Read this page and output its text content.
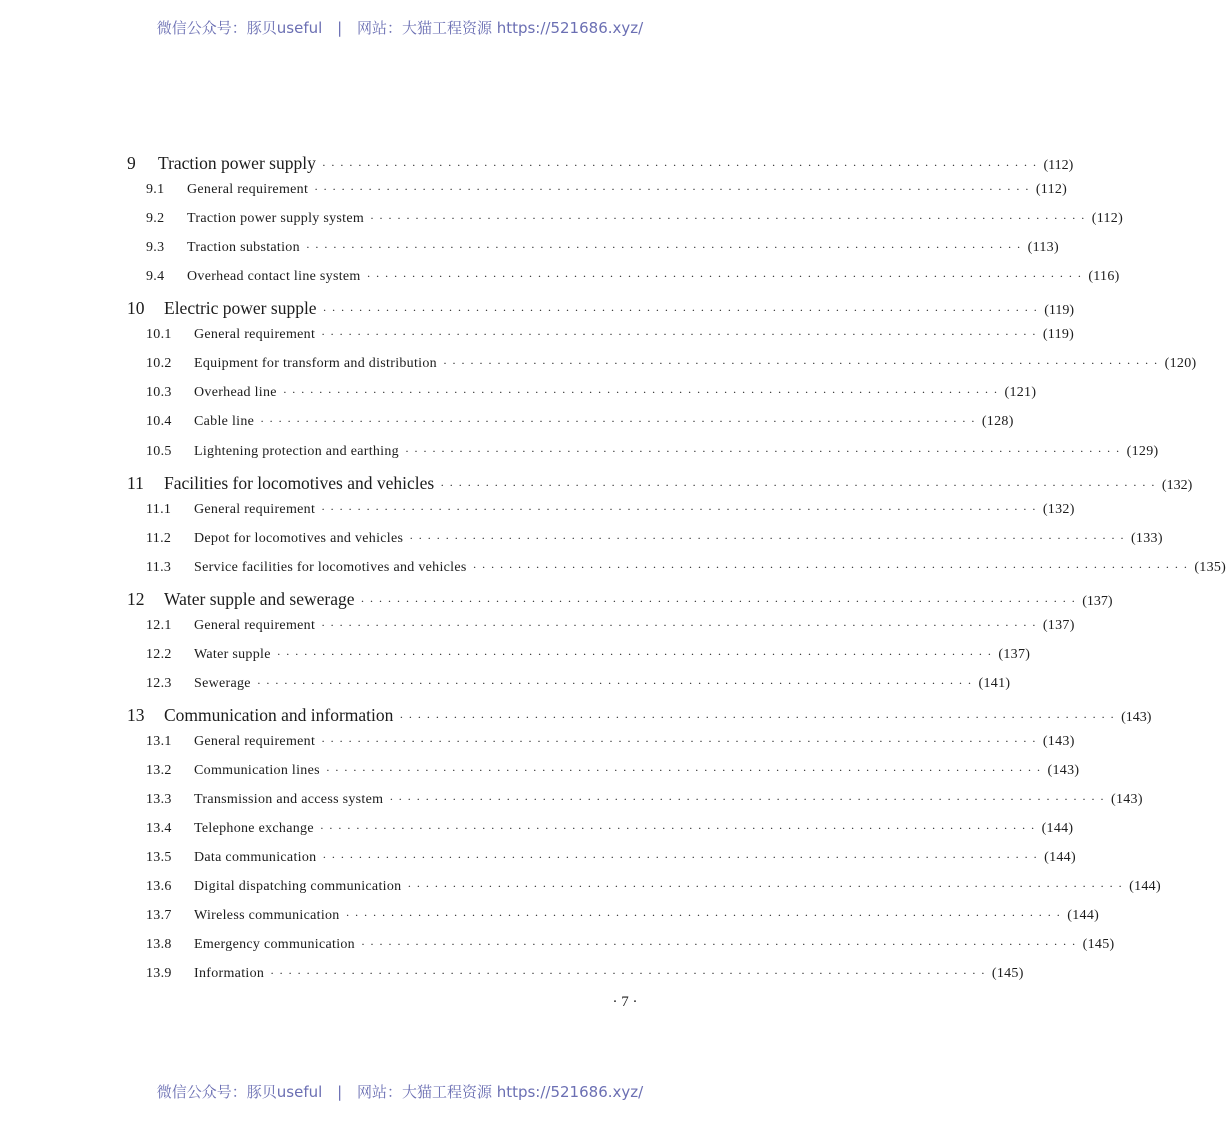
微信公众号：豚贝useful | 网站：大猫工程资源 https://521686.xyz/
9 Traction power supply · · · · · · · · · · · · · · · · · · · · · · · · · · · · · · · · · · · · · · · · · · · · · · · · · · · · · · · · · · · · · · · · · · · · · · · · · · · · · · · · (112)
9.1 General requirement · · · · · · · · · · · · · · · · · · · · · · · · · · · · · · · · · · · · · · · · · · · · · · · · · · · · · · · · · · · · · · · · · · · · · · · · · · · · · · · · (112)
9.2 Traction power supply system · · · · · · · · · · · · · · · · · · · · · · · · · · · · · · · · · · · · · · · · · · · · · · · · · · · · · · · · · · · · · · · · · · · · · · · · · · · · · · · · (112)
9.3 Traction substation · · · · · · · · · · · · · · · · · · · · · · · · · · · · · · · · · · · · · · · · · · · · · · · · · · · · · · · · · · · · · · · · · · · · · · · · · · · · · · · · (113)
9.4 Overhead contact line system · · · · · · · · · · · · · · · · · · · · · · · · · · · · · · · · · · · · · · · · · · · · · · · · · · · · · · · · · · · · · · · · · · · · · · · · · · · · · · · · (116)
10 Electric power supple · · · · · · · · · · · · · · · · · · · · · · · · · · · · · · · · · · · · · · · · · · · · · · · · · · · · · · · · · · · · · · · · · · · · · · · · · · · · · · · · (119)
10.1 General requirement · · · · · · · · · · · · · · · · · · · · · · · · · · · · · · · · · · · · · · · · · · · · · · · · · · · · · · · · · · · · · · · · · · · · · · · · · · · · · · · · (119)
10.2 Equipment for transform and distribution · · · · · · · · · · · · · · · · · · · · · · · · · · · · · · · · · · · · · · · · · · · · · · · · · · · · · · · · · · · · · · · · · · · · · · · · · · · · · · · · (120)
10.3 Overhead line · · · · · · · · · · · · · · · · · · · · · · · · · · · · · · · · · · · · · · · · · · · · · · · · · · · · · · · · · · · · · · · · · · · · · · · · · · · · · · · · (121)
10.4 Cable line · · · · · · · · · · · · · · · · · · · · · · · · · · · · · · · · · · · · · · · · · · · · · · · · · · · · · · · · · · · · · · · · · · · · · · · · · · · · · · · · (128)
10.5 Lightening protection and earthing · · · · · · · · · · · · · · · · · · · · · · · · · · · · · · · · · · · · · · · · · · · · · · · · · · · · · · · · · · · · · · · · · · · · · · · · · · · · · · · · (129)
11 Facilities for locomotives and vehicles · · · · · · · · · · · · · · · · · · · · · · · · · · · · · · · · · · · · · · · · · · · · · · · · · · · · · · · · · · · · · · · · · · · · · · · · · · · · · · · · (132)
11.1 General requirement · · · · · · · · · · · · · · · · · · · · · · · · · · · · · · · · · · · · · · · · · · · · · · · · · · · · · · · · · · · · · · · · · · · · · · · · · · · · · · · · (132)
11.2 Depot for locomotives and vehicles · · · · · · · · · · · · · · · · · · · · · · · · · · · · · · · · · · · · · · · · · · · · · · · · · · · · · · · · · · · · · · · · · · · · · · · · · · · · · · · · (133)
11.3 Service facilities for locomotives and vehicles · · · · · · · · · · · · · · · · · · · · · · · · · · · · · · · · · · · · · · · · · · · · · · · · · · · · · · · · · · · · · · · · · · · · · · · · · · · · · · · · (135)
12 Water supple and sewerage · · · · · · · · · · · · · · · · · · · · · · · · · · · · · · · · · · · · · · · · · · · · · · · · · · · · · · · · · · · · · · · · · · · · · · · · · · · · · · · · (137)
12.1 General requirement · · · · · · · · · · · · · · · · · · · · · · · · · · · · · · · · · · · · · · · · · · · · · · · · · · · · · · · · · · · · · · · · · · · · · · · · · · · · · · · · (137)
12.2 Water supple · · · · · · · · · · · · · · · · · · · · · · · · · · · · · · · · · · · · · · · · · · · · · · · · · · · · · · · · · · · · · · · · · · · · · · · · · · · · · · · · (137)
12.3 Sewerage · · · · · · · · · · · · · · · · · · · · · · · · · · · · · · · · · · · · · · · · · · · · · · · · · · · · · · · · · · · · · · · · · · · · · · · · · · · · · · · · (141)
13 Communication and information · · · · · · · · · · · · · · · · · · · · · · · · · · · · · · · · · · · · · · · · · · · · · · · · · · · · · · · · · · · · · · · · · · · · · · · · · · · · · · · · (143)
13.1 General requirement · · · · · · · · · · · · · · · · · · · · · · · · · · · · · · · · · · · · · · · · · · · · · · · · · · · · · · · · · · · · · · · · · · · · · · · · · · · · · · · · (143)
13.2 Communication lines · · · · · · · · · · · · · · · · · · · · · · · · · · · · · · · · · · · · · · · · · · · · · · · · · · · · · · · · · · · · · · · · · · · · · · · · · · · · · · · · (143)
13.3 Transmission and access system · · · · · · · · · · · · · · · · · · · · · · · · · · · · · · · · · · · · · · · · · · · · · · · · · · · · · · · · · · · · · · · · · · · · · · · · · · · · · · · · (143)
13.4 Telephone exchange · · · · · · · · · · · · · · · · · · · · · · · · · · · · · · · · · · · · · · · · · · · · · · · · · · · · · · · · · · · · · · · · · · · · · · · · · · · · · · · · (144)
13.5 Data communication · · · · · · · · · · · · · · · · · · · · · · · · · · · · · · · · · · · · · · · · · · · · · · · · · · · · · · · · · · · · · · · · · · · · · · · · · · · · · · · · (144)
13.6 Digital dispatching communication · · · · · · · · · · · · · · · · · · · · · · · · · · · · · · · · · · · · · · · · · · · · · · · · · · · · · · · · · · · · · · · · · · · · · · · · · · · · · · · · (144)
13.7 Wireless communication · · · · · · · · · · · · · · · · · · · · · · · · · · · · · · · · · · · · · · · · · · · · · · · · · · · · · · · · · · · · · · · · · · · · · · · · · · · · · · · · (144)
13.8 Emergency communication · · · · · · · · · · · · · · · · · · · · · · · · · · · · · · · · · · · · · · · · · · · · · · · · · · · · · · · · · · · · · · · · · · · · · · · · · · · · · · · · (145)
13.9 Information · · · · · · · · · · · · · · · · · · · · · · · · · · · · · · · · · · · · · · · · · · · · · · · · · · · · · · · · · · · · · · · · · · · · · · · · · · · · · · · · (145)
· 7 ·
微信公众号：豚贝useful | 网站：大猫工程资源 https://521686.xyz/
